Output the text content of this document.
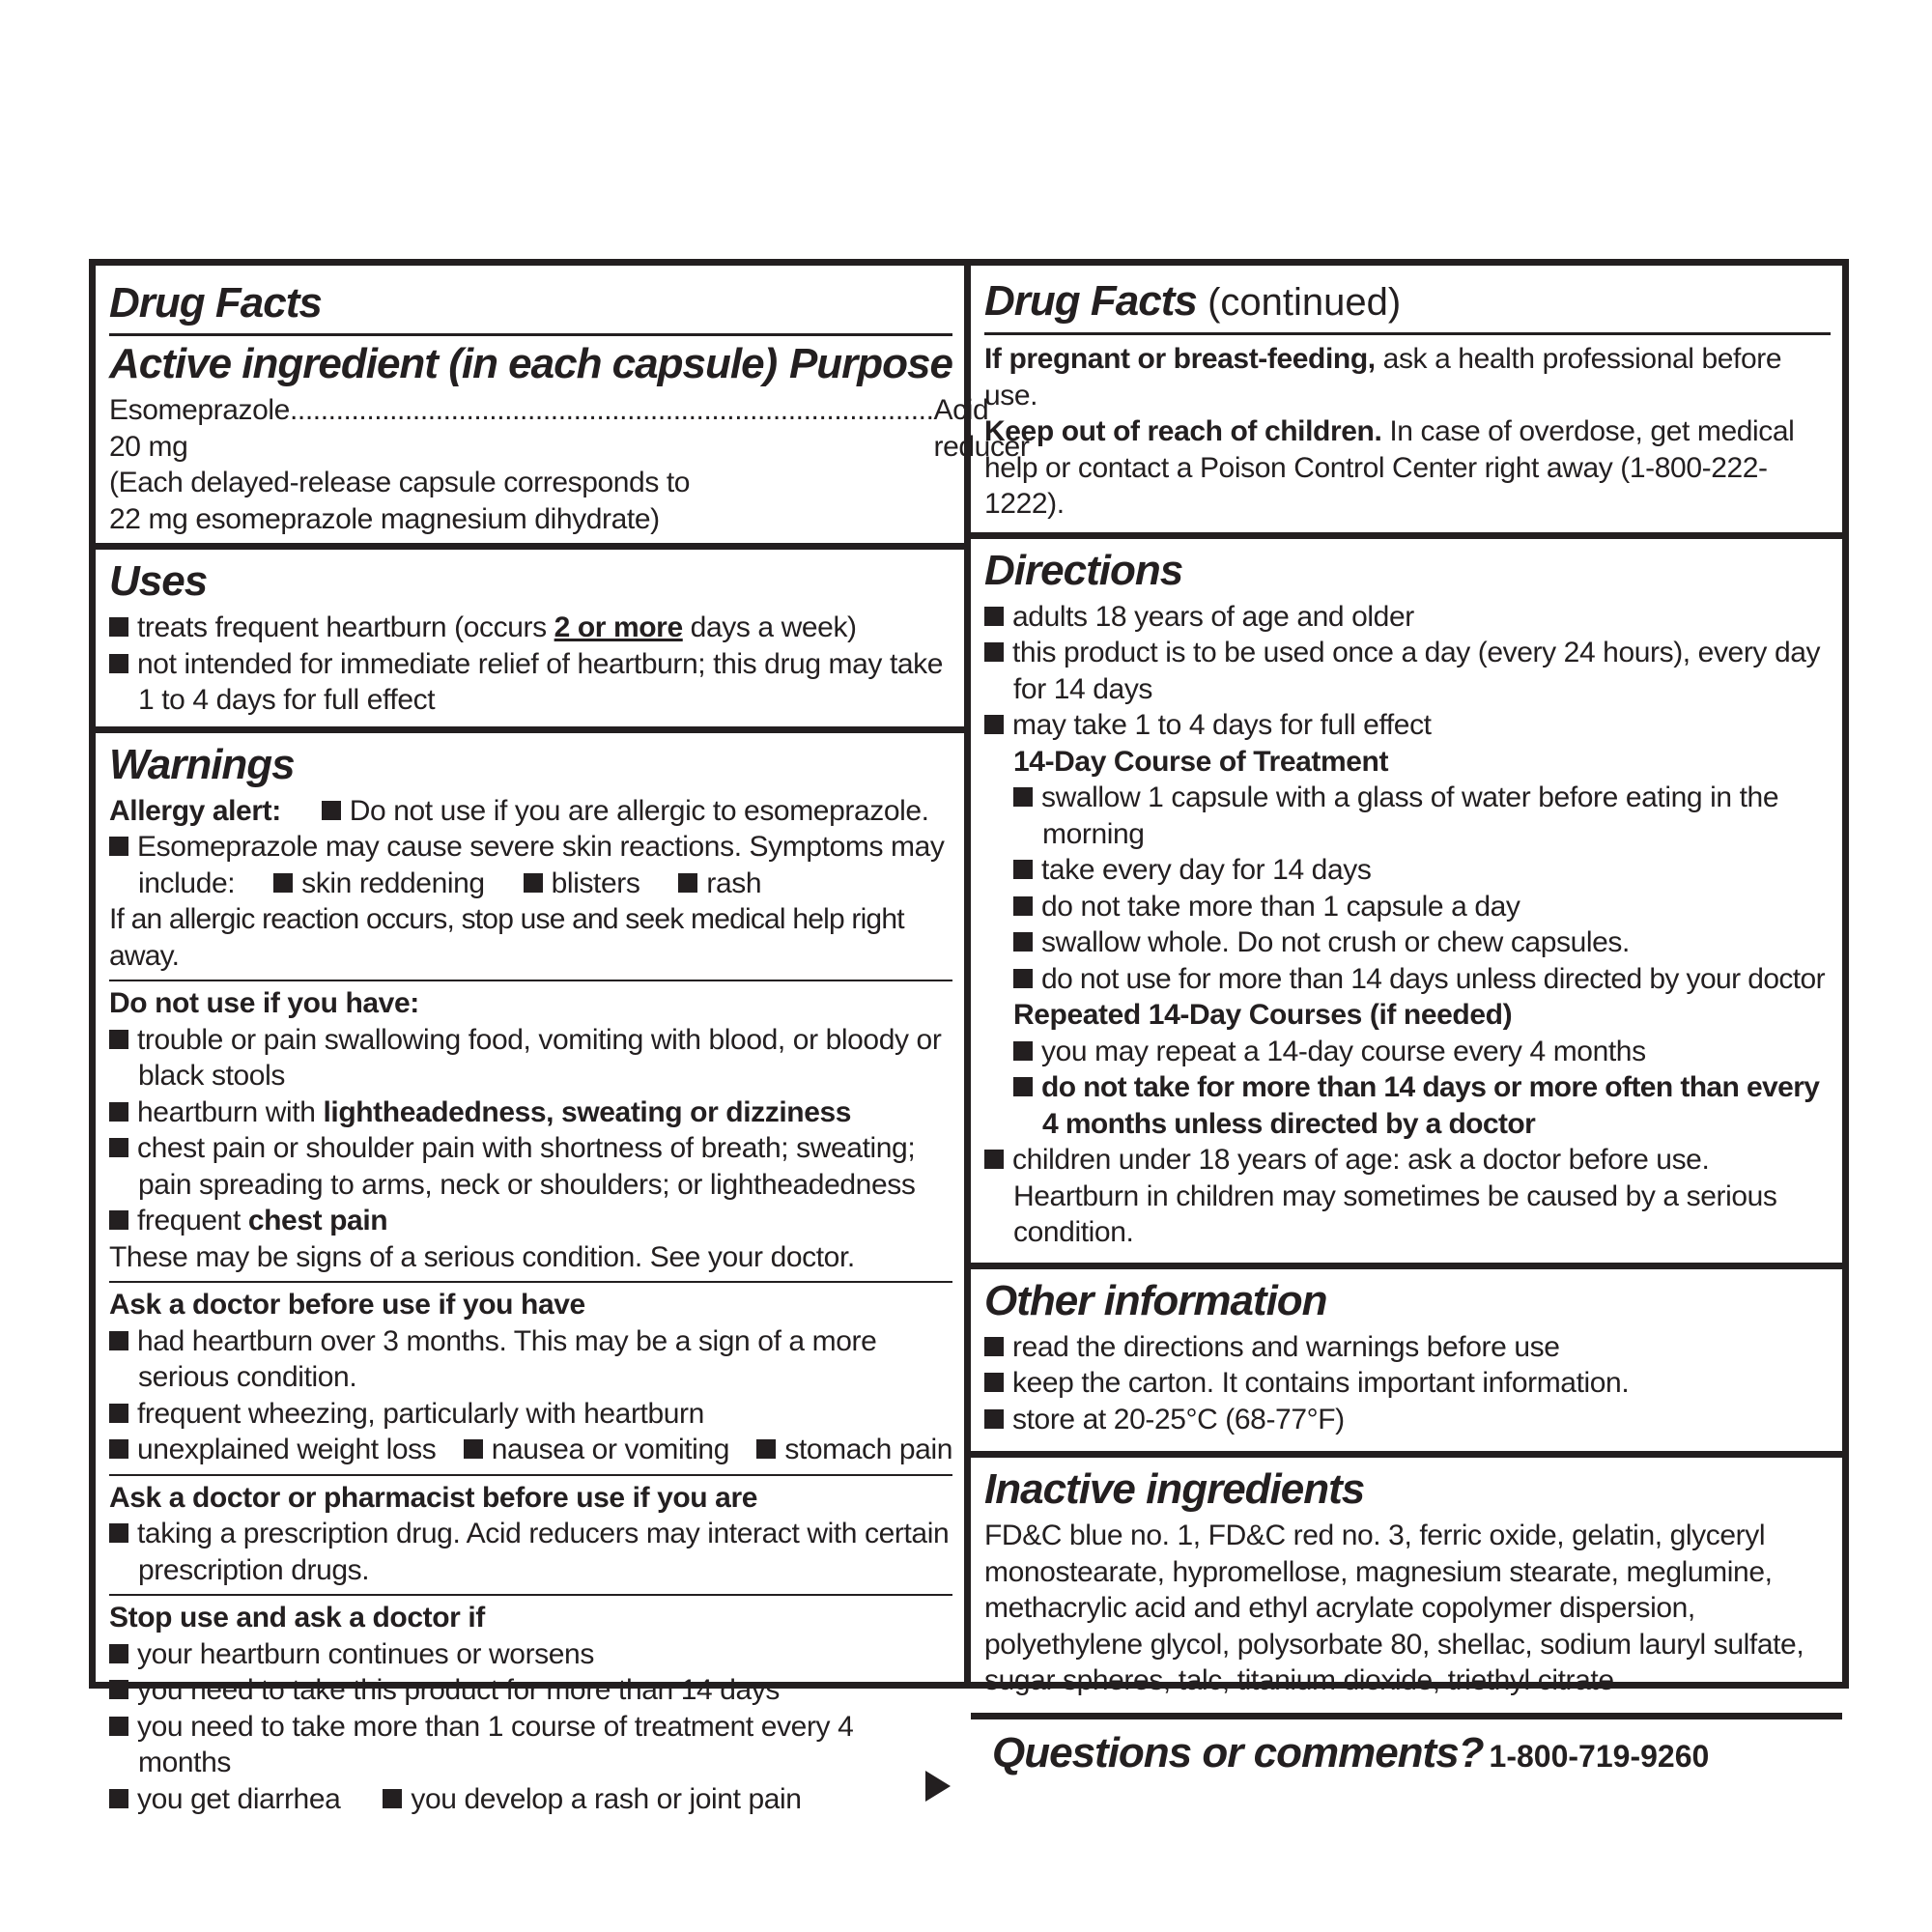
Drug Facts
Active ingredient (in each capsule) Purpose
Esomeprazole 20 mg
.................................................................................... Acid reducer
(Each delayed-release capsule corresponds to
22 mg esomeprazole magnesium dihydrate)
Uses
treats frequent heartburn (occurs 2 or more days a week)
not intended for immediate relief of heartburn; this drug may take 1 to 4 days for full effect
Warnings
Allergy alert: Do not use if you are allergic to esomeprazole.
Esomeprazole may cause severe skin reactions. Symptoms may
include: skin reddening blisters rash
If an allergic reaction occurs, stop use and seek medical help right away.
Do not use if you have:
trouble or pain swallowing food, vomiting with blood, or bloody or black stools
heartburn with lightheadedness, sweating or dizziness
chest pain or shoulder pain with shortness of breath; sweating; pain spreading to arms, neck or shoulders; or lightheadedness
frequent chest pain
These may be signs of a serious condition. See your doctor.
Ask a doctor before use if you have
had heartburn over 3 months. This may be a sign of a more serious condition.
frequent wheezing, particularly with heartburn
unexplained weight loss	nausea or vomiting	stomach pain
Ask a doctor or pharmacist before use if you are
taking a prescription drug. Acid reducers may interact with certain prescription drugs.
Stop use and ask a doctor if
your heartburn continues or worsens
you need to take this product for more than 14 days
you need to take more than 1 course of treatment every 4 months
you get diarrhea	you develop a rash or joint pain
Drug Facts (continued)
If pregnant or breast-feeding, ask a health professional before use.
Keep out of reach of children. In case of overdose, get medical help or contact a Poison Control Center right away (1-800-222-1222).
Directions
adults 18 years of age and older
this product is to be used once a day (every 24 hours), every day for 14 days
may take 1 to 4 days for full effect
14-Day Course of Treatment
swallow 1 capsule with a glass of water before eating in the morning
take every day for 14 days
do not take more than 1 capsule a day
swallow whole. Do not crush or chew capsules.
do not use for more than 14 days unless directed by your doctor
Repeated 14-Day Courses (if needed)
you may repeat a 14-day course every 4 months
do not take for more than 14 days or more often than every 4 months unless directed by a doctor
children under 18 years of age: ask a doctor before use. Heartburn in children may sometimes be caused by a serious condition.
Other information
read the directions and warnings before use
keep the carton. It contains important information.
store at 20-25°C (68-77°F)
Inactive ingredients
FD&C blue no. 1, FD&C red no. 3, ferric oxide, gelatin, glyceryl monostearate, hypromellose, magnesium stearate, meglumine, methacrylic acid and ethyl acrylate copolymer dispersion, polyethylene glycol, polysorbate 80, shellac, sodium lauryl sulfate, sugar spheres, talc, titanium dioxide, triethyl citrate
Questions or comments? 1-800-719-9260
